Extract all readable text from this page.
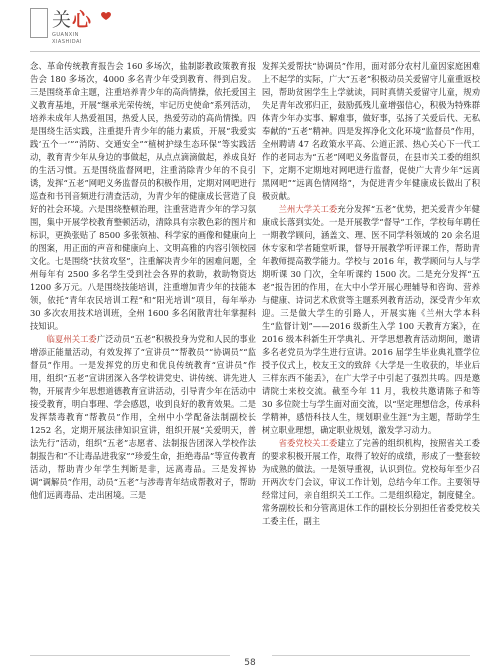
关心
GUANXIN
XIASHIDAI

念、革命传统教育报告会 160 多场次，盐制影教政策教育报告会 180 多场次，4000 多名青少年受到教育、得到启发。三是围绕革命主题，注重培养青少年的高尚情操，依托爱国主义教育基地，开展“继承光荣传统，牢记历史使命”系列活动，培养未成年人热爱祖国，热爱人民，热爱劳动的高尚情操。四是围绕生活实践，注重提升青少年的能力素质，开展“我爱实践‘五个一’”“消防、交通安全”“植树护绿生态环保”等实践活动，教育青少年从身边的事做起，从点点滴滴做起，养成良好的生活习惯。五是围绕监督网吧，注重消除青少年的不良引诱，发挥“五老”网吧义务监督员的积极作用，定期对网吧进行巡查和书刊音频进行清查活动，为青少年的健康成长营造了良好的社会环境。六是围绕整顿治理，注重营造青少年的学习氛围，集中开展学校教育整顿活动，清除具有宗教色彩的图片和标识，更换张贴了 8500 多张领袖、科学家的画像和健康向上的图案，用正面的声音和健康向上、文明高雅的内容引领校园文化。七是围绕“扶贫攻坚”，注重解决青少年的困难问题，全州每年有 2500 多名学生受到社会各界的救助，救助物资达 1200 多万元。八是围绕技能培训，注重增加青少年的技能本领，依托“青年农民培训工程”和“阳光培训”项目，每年举办 30 多次农用技术培训班，全州 1600 多名闲散青壮年掌握科技知识。

临夏州关工委广泛动员“五老”积极投身为党和人民的事业增添正能量活动，有效发挥了“宣讲员”“帮教员”“协调员”“监督员”作用。一是发挥党的历史和优良传统教育“宣讲员”作用，组织“五老”宣讲团深入各学校讲党史、讲传统、讲先进人物，开展青少年思想道德教育宣讲活动，引导青少年在活动中接受教育，明白事理、学会感恩，收到良好的教育效果。二是发挥禁毒教育“帮教员”作用，全州中小学配备法制副校长 1252 名，定期开展法律知识宣讲，组织开展“关爱明天，普法先行”活动，组织“五老”志愿者、法制报告团深入学校作法制报告和“不让毒品进我家”“珍爱生命，拒绝毒品”等宣传教育活动，帮助青少年学生判断是非，远离毒品。三是发挥协调“调解员”作用，动员“五老”与涉毒青年结成帮教对子，帮助他们远离毒品、走出困境。三是

发挥关爱帮扶“协调员”作用，面对部分农村儿童因家庭困难上不起学的实际，广大“五老”积极动员关爱留守儿童重返校园，帮助贫困学生上学就读，同时真情关爱留守儿童，规劝失足青年改邪归正，鼓励孤残儿童增强信心，积极为特殊群体青少年办实事、解难事，做好事，弘扬了关爱后代、无私奉献的“五老”精神。四是发挥净化文化环境“监督员”作用，全州聘请 47 名政策水平高、公道正派、热心关心下一代工作的老同志为“五老”网吧义务监督员，在县市关工委的组织下，定期不定期地对网吧进行监督，促使广大青少年“远离黑网吧”“远离色情网络”，为促进青少年健康成长做出了积极贡献。

兰州大学关工委充分发挥“五老”优势，把关爱青少年健康成长落到实处。一是开展教学“督导”工作，学校每年聘任一期教学顾问，涵盖文、理、医不同学科领域的 20 余名退休专家和学者随堂听课，督导开展教学听评课工作，帮助青年教师提高教学能力。学校与 2016 年，教学顾问与人与学期听课 30 门次，全年听课约 1500 次。二是充分发挥“五老”报告团的作用，在大中小学开展心理辅导和咨询、营养与健康、诗词艺术欣赏等主题系列教育活动，深受青少年欢迎。三是做大学生的引路人，开展实施《兰州大学本科生“监督计划”——2016 级新生入学 100 天教育方案》，在 2016 级本科新生开学典礼、开学思想教育活动期间，邀请多名老党员为学生进行宣讲。2016 届学生毕业典礼暨学位授予仪式上，校友王文的致辞《大学是一生收获的，毕业后三样东西不能丢》，在广大学子中引起了强烈共鸣。四是邀请院士来校交流。截至今年 11 月，我校共邀请陈子和等 30 多位院士与学生面对面交流，以“坚定理想信念，传承科学精神，感悟科技人生，规划职业生涯”为主题，帮助学生树立职业理想，确定职业规划，激发学习动力。

省委党校关工委建立了完善的组织机构，按照省关工委的要求积极开展工作，取得了较好的成绩，形成了一整套较为成熟的做法。一是领导重视，认识到位。党校每年至少召开两次专门会议，审议工作计划，总结今年工作。主要领导经常过问，亲自组织关工工作。二是组织稳定，制度健全。常务副校长和分管离退休工作的副校长分别担任省委党校关工委主任，副主

58
